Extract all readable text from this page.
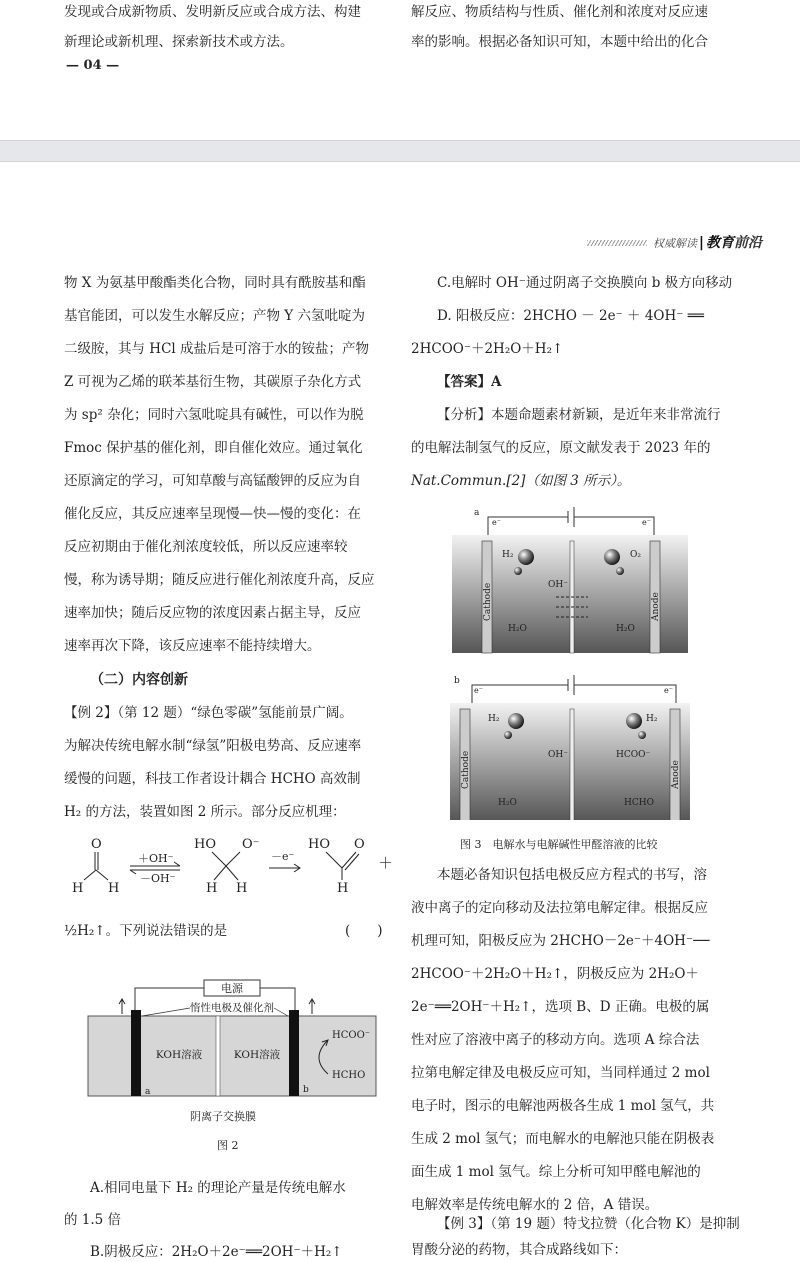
发现或合成新物质、发明新反应或合成方法、构建
新理论或新机理、探索新技术或方法。
— 04 —
解反应、物质结构与性质、催化剂和浓度对反应速
率的影响。根据必备知识可知，本题中给出的化合
权威解读 | 教育前沿
物 X 为氨基甲酸酯类化合物，同时具有酰胺基和酯
基官能团，可以发生水解反应；产物 Y 六氢吡啶为
二级胺，其与 HCl 成盐后是可溶于水的铵盐；产物
Z 可视为乙烯的联苯基衍生物，其碳原子杂化方式
为 sp² 杂化；同时六氢吡啶具有碱性，可以作为脱
Fmoc 保护基的催化剂，即自催化效应。通过氧化
还原滴定的学习，可知草酸与高锰酸钾的反应为自
催化反应，其反应速率呈现慢—快—慢的变化：在
反应初期由于催化剂浓度较低，所以反应速率较
慢，称为诱导期；随反应进行催化剂浓度升高，反应
速率加快；随后反应物的浓度因素占据主导，反应
速率再次下降，该反应速率不能持续增大。
（二）内容创新
【例 2】（第 12 题）“绿色零碳”氢能前景广阔。
为解决传统电解水制“绿氢”阳极电势高、反应速率
缓慢的问题，科技工作者设计耦合 HCHO 高效制
H₂ 的方法，装置如图 2 所示。部分反应机理：
O
H H
＋OH⁻
－OH⁻
HO O⁻
H H
－e⁻
HO O
H
＋
½H₂↑。下列说法错误的是	(　　)
电源
惰性电极及催化剂
KOH溶液	KOH溶液
HCOO⁻
HCHO
a	b
阴离子交换膜
图 2
A.相同电量下 H₂ 的理论产量是传统电解水
的 1.5 倍
B.阴极反应：2H₂O＋2e⁻══2OH⁻＋H₂↑
C.电解时 OH⁻通过阴离子交换膜向 b 极方向移动
D. 阳极反应：2HCHO － 2e⁻ ＋ 4OH⁻ ══
2HCOO⁻＋2H₂O＋H₂↑
【答案】A
【分析】本题命题素材新颖，是近年来非常流行
的电解法制氢气的反应，原文献发表于 2023 年的
Nat.Commun.[2]（如图 3 所示）。
a
e⁻	e⁻
Cathode	Anode
H₂	O₂
OH⁻
H₂O	H₂O
b
e⁻	e⁻
Cathode	Anode
H₂	H₂
OH⁻	HCOO⁻
H₂O	HCHO
图 3　电解水与电解碱性甲醛溶液的比较
本题必备知识包括电极反应方程式的书写，溶
液中离子的定向移动及法拉第电解定律。根据反应
机理可知，阳极反应为 2HCHO－2e⁻＋4OH⁻──
2HCOO⁻＋2H₂O＋H₂↑，阴极反应为 2H₂O＋
2e⁻══2OH⁻＋H₂↑，选项 B、D 正确。电极的属
性对应了溶液中离子的移动方向。选项 A 综合法
拉第电解定律及电极反应可知，当同样通过 2 mol
电子时，图示的电解池两极各生成 1 mol 氢气，共
生成 2 mol 氢气；而电解水的电解池只能在阴极表
面生成 1 mol 氢气。综上分析可知甲醛电解池的
电解效率是传统电解水的 2 倍，A 错误。
【例 3】（第 19 题）特戈拉赞（化合物 K）是抑制
胃酸分泌的药物，其合成路线如下：
